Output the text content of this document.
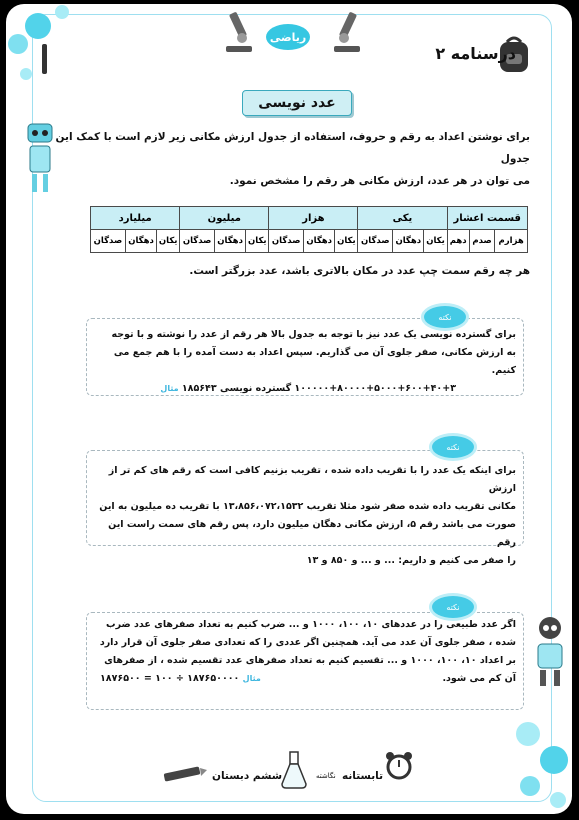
ریاضی
درسنامه ۲
عدد نویسی
برای نوشتن اعداد به رقم و حروف، استفاده از جدول ارزش مکانی زیر لازم است با کمک این جدول
می توان در هر عدد، ارزش مکانی هر رقم را مشخص نمود.
قسمت اعشار			یکی			هزار			میلیون			میلیارد		
هزارم	صدم	دهم	یکان	دهگان	صدگان	یکان	دهگان	صدگان	یکان	دهگان	صدگان	یکان	دهگان	صدگان
هر چه رقم سمت چپ عدد در مکان بالاتری باشد، عدد بزرگتر است.
نکته
برای گسترده نویسی یک عدد نیز با توجه به جدول بالا هر رقم از عدد را نوشته و با توجه
به ارزش مکانی، صفر جلوی آن می گذاریم. سپس اعداد به دست آمده را با هم جمع می کنیم.
۱۰۰۰۰۰+۸۰۰۰۰+۵۰۰۰+۶۰۰+۴۰+۳ گسترده نویسی ۱۸۵۶۴۳ مثال
نکته
برای اینکه یک عدد را با تقریب داده شده ، تقریب بزنیم کافی است که رقم های کم تر از ارزش
مکانی تقریب داده شده صفر شود مثلا تقریب ۱۳،۸۵۶،۰۷۲،۱۵۳۲ با تقریب ده میلیون به این
صورت می باشد رقم ۵، ارزش مکانی دهگان میلیون دارد، پس رقم های سمت راست این رقم
را صفر می کنیم و داریم: ... و ... و ۸۵۰ و ۱۳
نکته
اگر عدد طبیعی را در عددهای ۱۰، ۱۰۰، ۱۰۰۰ و ... ضرب کنیم به تعداد صفرهای عدد ضرب
شده ، صفر جلوی آن عدد می آید. همچنین اگر عددی را که تعدادی صفر جلوی آن قرار دارد
بر اعداد ۱۰، ۱۰۰، ۱۰۰۰ و ... تقسیم کنیم به تعداد صفرهای عدد تقسیم شده ، از صفرهای
مثال ۱۸۷۶۵۰۰۰۰ ÷ ۱۰۰ = ۱۸۷۶۵۰۰	آن کم می شود.
ششم دبستان	نگاشته تابستانه
